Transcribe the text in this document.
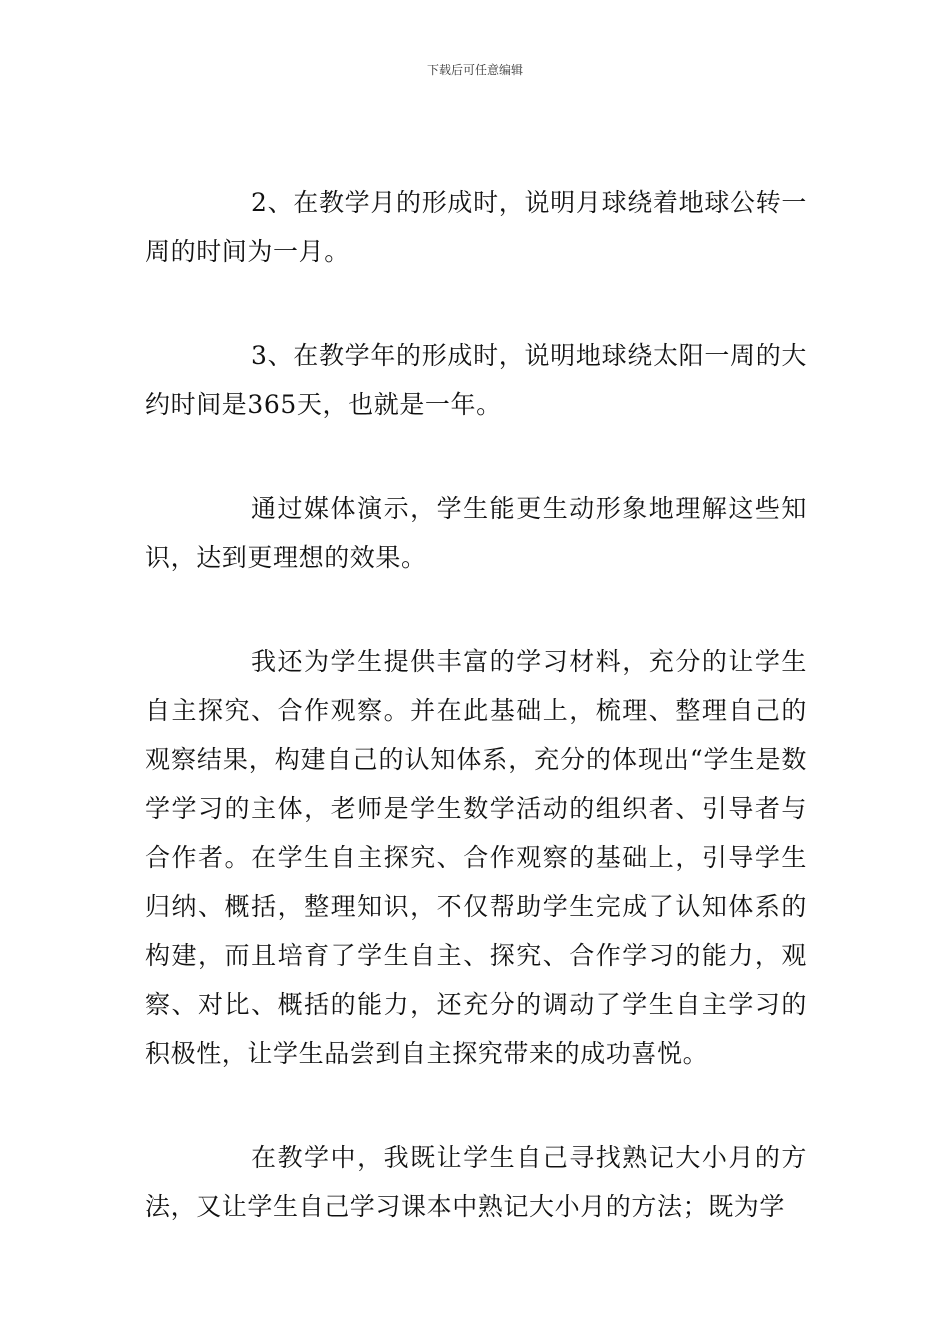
下载后可任意编辑

2、在教学月的形成时，说明月球绕着地球公转一周的时间为一月。

3、在教学年的形成时，说明地球绕太阳一周的大约时间是365天，也就是一年。

通过媒体演示，学生能更生动形象地理解这些知识，达到更理想的效果。

我还为学生提供丰富的学习材料，充分的让学生自主探究、合作观察。并在此基础上，梳理、整理自己的观察结果，构建自己的认知体系，充分的体现出“学生是数学学习的主体，老师是学生数学活动的组织者、引导者与合作者。在学生自主探究、合作观察的基础上，引导学生归纳、概括，整理知识，不仅帮助学生完成了认知体系的构建，而且培育了学生自主、探究、合作学习的能力，观察、对比、概括的能力，还充分的调动了学生自主学习的积极性，让学生品尝到自主探究带来的成功喜悦。

在教学中，我既让学生自己寻找熟记大小月的方法，又让学生自己学习课本中熟记大小月的方法；既为学
